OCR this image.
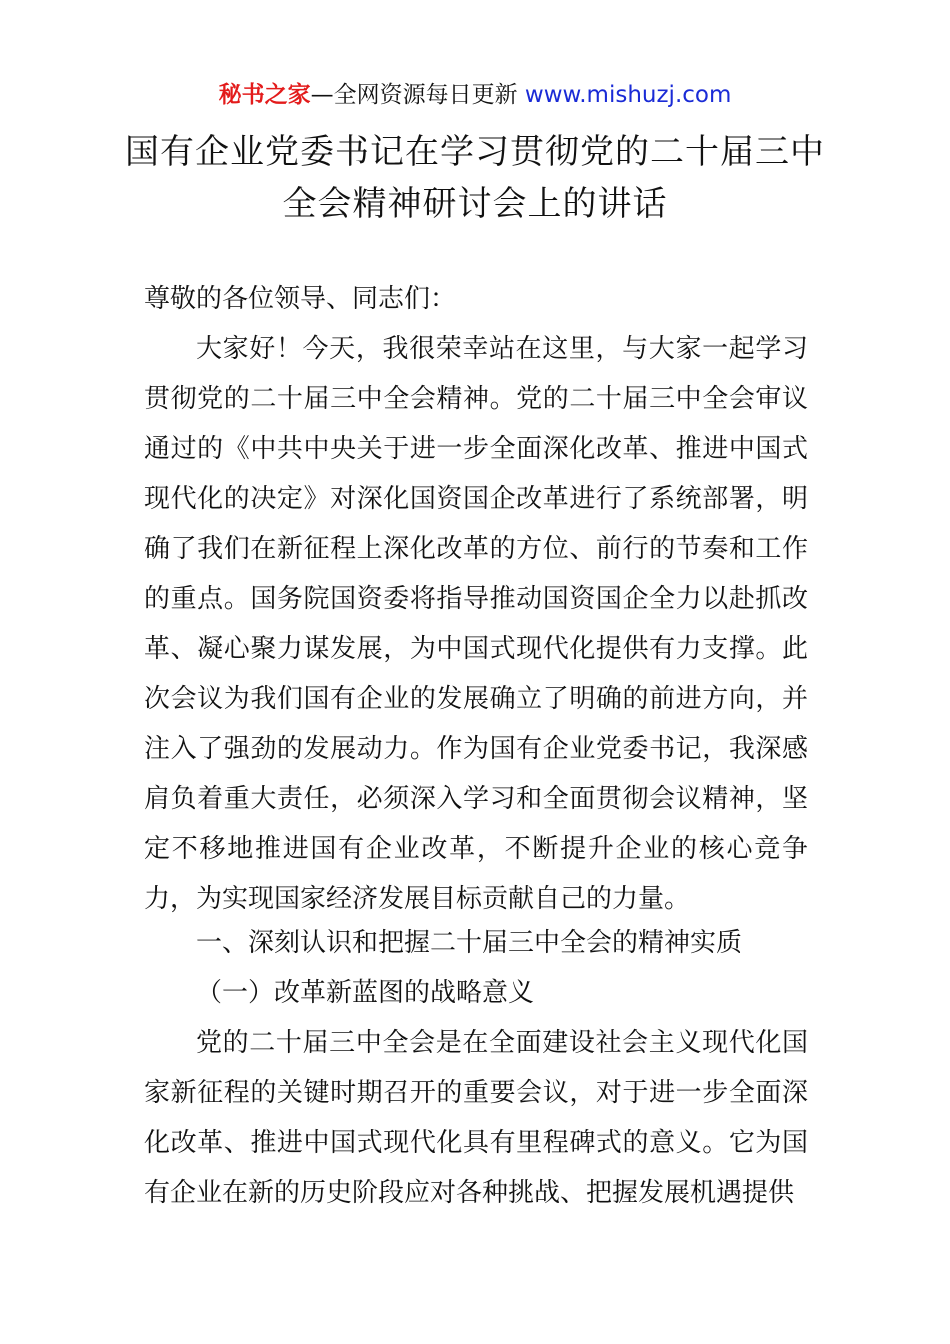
秘书之家—全网资源每日更新 www.mishuzj.com
国有企业党委书记在学习贯彻党的二十届三中
全会精神研讨会上的讲话

尊敬的各位领导、同志们：

大家好！今天，我很荣幸站在这里，与大家一起学习贯彻党的二十届三中全会精神。党的二十届三中全会审议通过的《中共中央关于进一步全面深化改革、推进中国式现代化的决定》对深化国资国企改革进行了系统部署，明确了我们在新征程上深化改革的方位、前行的节奏和工作的重点。国务院国资委将指导推动国资国企全力以赴抓改革、凝心聚力谋发展，为中国式现代化提供有力支撑。此次会议为我们国有企业的发展确立了明确的前进方向，并注入了强劲的发展动力。作为国有企业党委书记，我深感肩负着重大责任，必须深入学习和全面贯彻会议精神，坚定不移地推进国有企业改革，不断提升企业的核心竞争力，为实现国家经济发展目标贡献自己的力量。

一、深刻认识和把握二十届三中全会的精神实质

（一）改革新蓝图的战略意义

党的二十届三中全会是在全面建设社会主义现代化国家新征程的关键时期召开的重要会议，对于进一步全面深化改革、推进中国式现代化具有里程碑式的意义。它为国有企业在新的历史阶段应对各种挑战、把握发展机遇提供
